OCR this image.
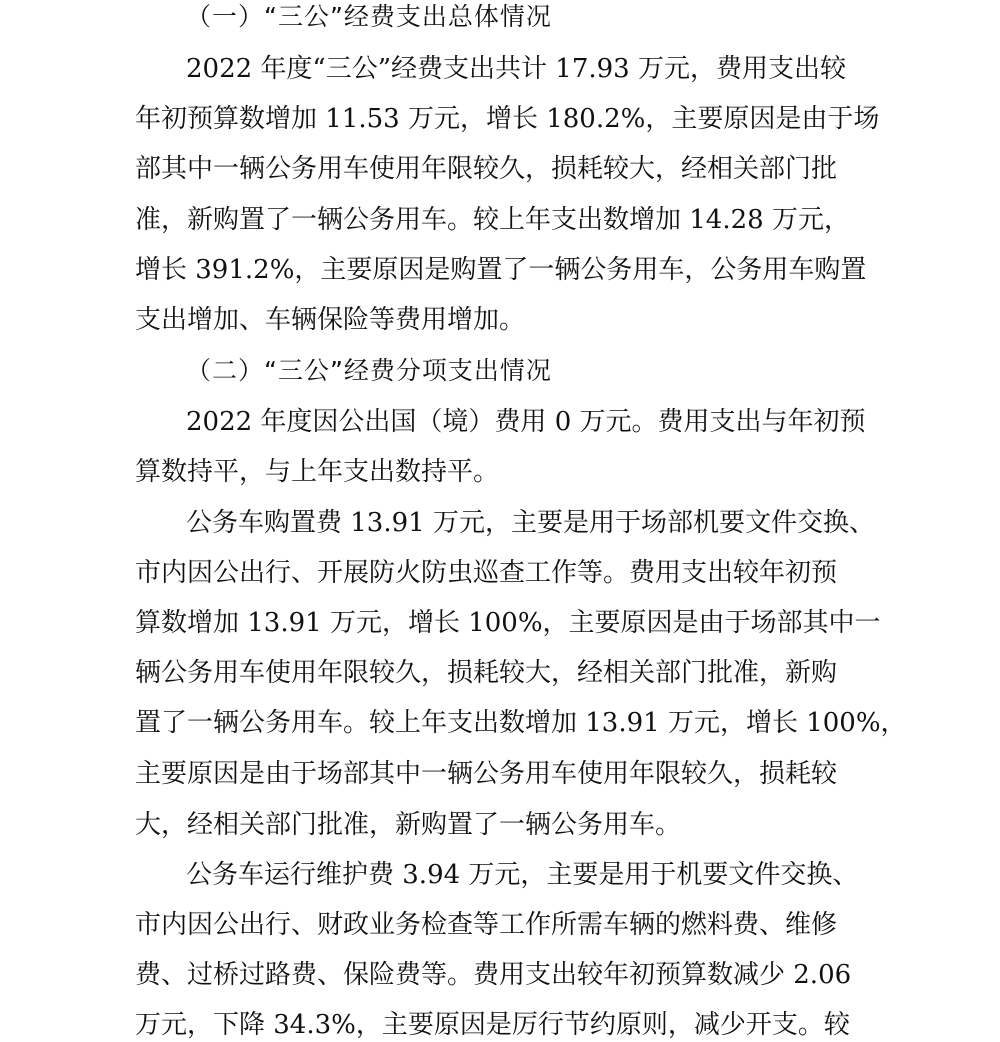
（一）“三公”经费支出总体情况
2022 年度“三公”经费支出共计 17.93 万元，费用支出较
年初预算数增加 11.53 万元，增长 180.2%，主要原因是由于场
部其中一辆公务用车使用年限较久，损耗较大，经相关部门批
准，新购置了一辆公务用车。较上年支出数增加 14.28 万元，
增长 391.2%，主要原因是购置了一辆公务用车，公务用车购置
支出增加、车辆保险等费用增加。
（二）“三公”经费分项支出情况
2022 年度因公出国（境）费用 0 万元。费用支出与年初预
算数持平，与上年支出数持平。
公务车购置费 13.91 万元，主要是用于场部机要文件交换、
市内因公出行、开展防火防虫巡查工作等。费用支出较年初预
算数增加 13.91 万元，增长 100%，主要原因是由于场部其中一
辆公务用车使用年限较久，损耗较大，经相关部门批准，新购
置了一辆公务用车。较上年支出数增加 13.91 万元，增长 100%，
主要原因是由于场部其中一辆公务用车使用年限较久，损耗较
大，经相关部门批准，新购置了一辆公务用车。
公务车运行维护费 3.94 万元，主要是用于机要文件交换、
市内因公出行、财政业务检查等工作所需车辆的燃料费、维修
费、过桥过路费、保险费等。费用支出较年初预算数减少 2.06
万元，下降 34.3%，主要原因是厉行节约原则，减少开支。较
